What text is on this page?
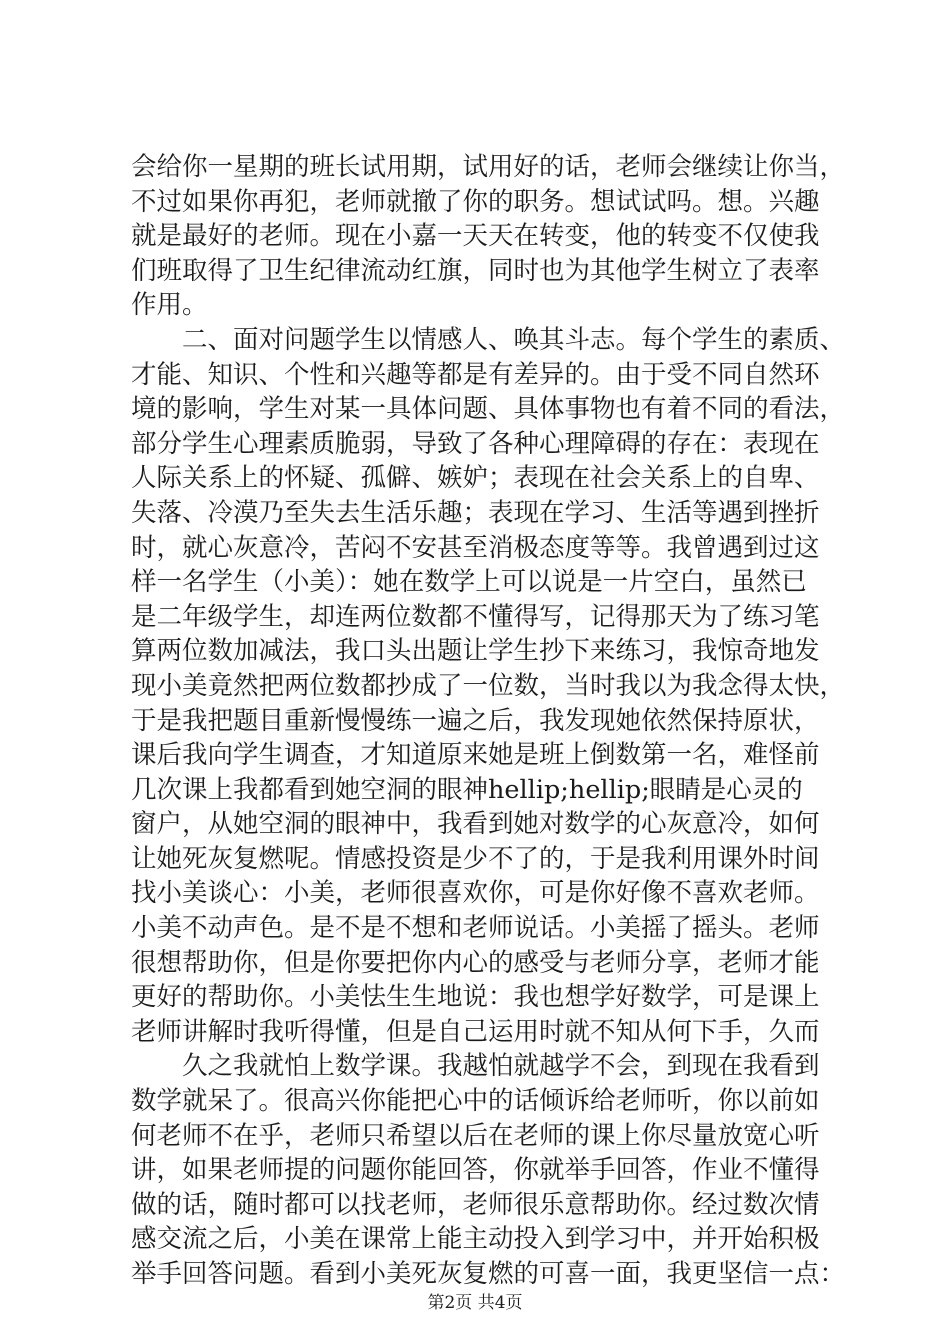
会给你一星期的班长试用期，试用好的话，老师会继续让你当，
不过如果你再犯，老师就撤了你的职务。想试试吗。想。兴趣
就是最好的老师。现在小嘉一天天在转变，他的转变不仅使我
们班取得了卫生纪律流动红旗，同时也为其他学生树立了表率
作用。
　　二、面对问题学生以情感人、唤其斗志。每个学生的素质、
才能、知识、个性和兴趣等都是有差异的。由于受不同自然环
境的影响，学生对某一具体问题、具体事物也有着不同的看法，
部分学生心理素质脆弱，导致了各种心理障碍的存在：表现在
人际关系上的怀疑、孤僻、嫉妒；表现在社会关系上的自卑、
失落、冷漠乃至失去生活乐趣；表现在学习、生活等遇到挫折
时，就心灰意冷，苦闷不安甚至消极态度等等。我曾遇到过这
样一名学生（小美）：她在数学上可以说是一片空白，虽然已
是二年级学生，却连两位数都不懂得写，记得那天为了练习笔
算两位数加减法，我口头出题让学生抄下来练习，我惊奇地发
现小美竟然把两位数都抄成了一位数，当时我以为我念得太快，
于是我把题目重新慢慢练一遍之后，我发现她依然保持原状，
课后我向学生调查，才知道原来她是班上倒数第一名，难怪前
几次课上我都看到她空洞的眼神hellip;hellip;眼睛是心灵的
窗户，从她空洞的眼神中，我看到她对数学的心灰意冷，如何
让她死灰复燃呢。情感投资是少不了的，于是我利用课外时间
找小美谈心：小美，老师很喜欢你，可是你好像不喜欢老师。
小美不动声色。是不是不想和老师说话。小美摇了摇头。老师
很想帮助你，但是你要把你内心的感受与老师分享，老师才能
更好的帮助你。小美怯生生地说：我也想学好数学，可是课上
老师讲解时我听得懂，但是自己运用时就不知从何下手，久而
　　久之我就怕上数学课。我越怕就越学不会，到现在我看到
数学就呆了。很高兴你能把心中的话倾诉给老师听，你以前如
何老师不在乎，老师只希望以后在老师的课上你尽量放宽心听
讲，如果老师提的问题你能回答，你就举手回答，作业不懂得
做的话，随时都可以找老师，老师很乐意帮助你。经过数次情
感交流之后，小美在课常上能主动投入到学习中，并开始积极
举手回答问题。看到小美死灰复燃的可喜一面，我更坚信一点：
第2页 共4页
